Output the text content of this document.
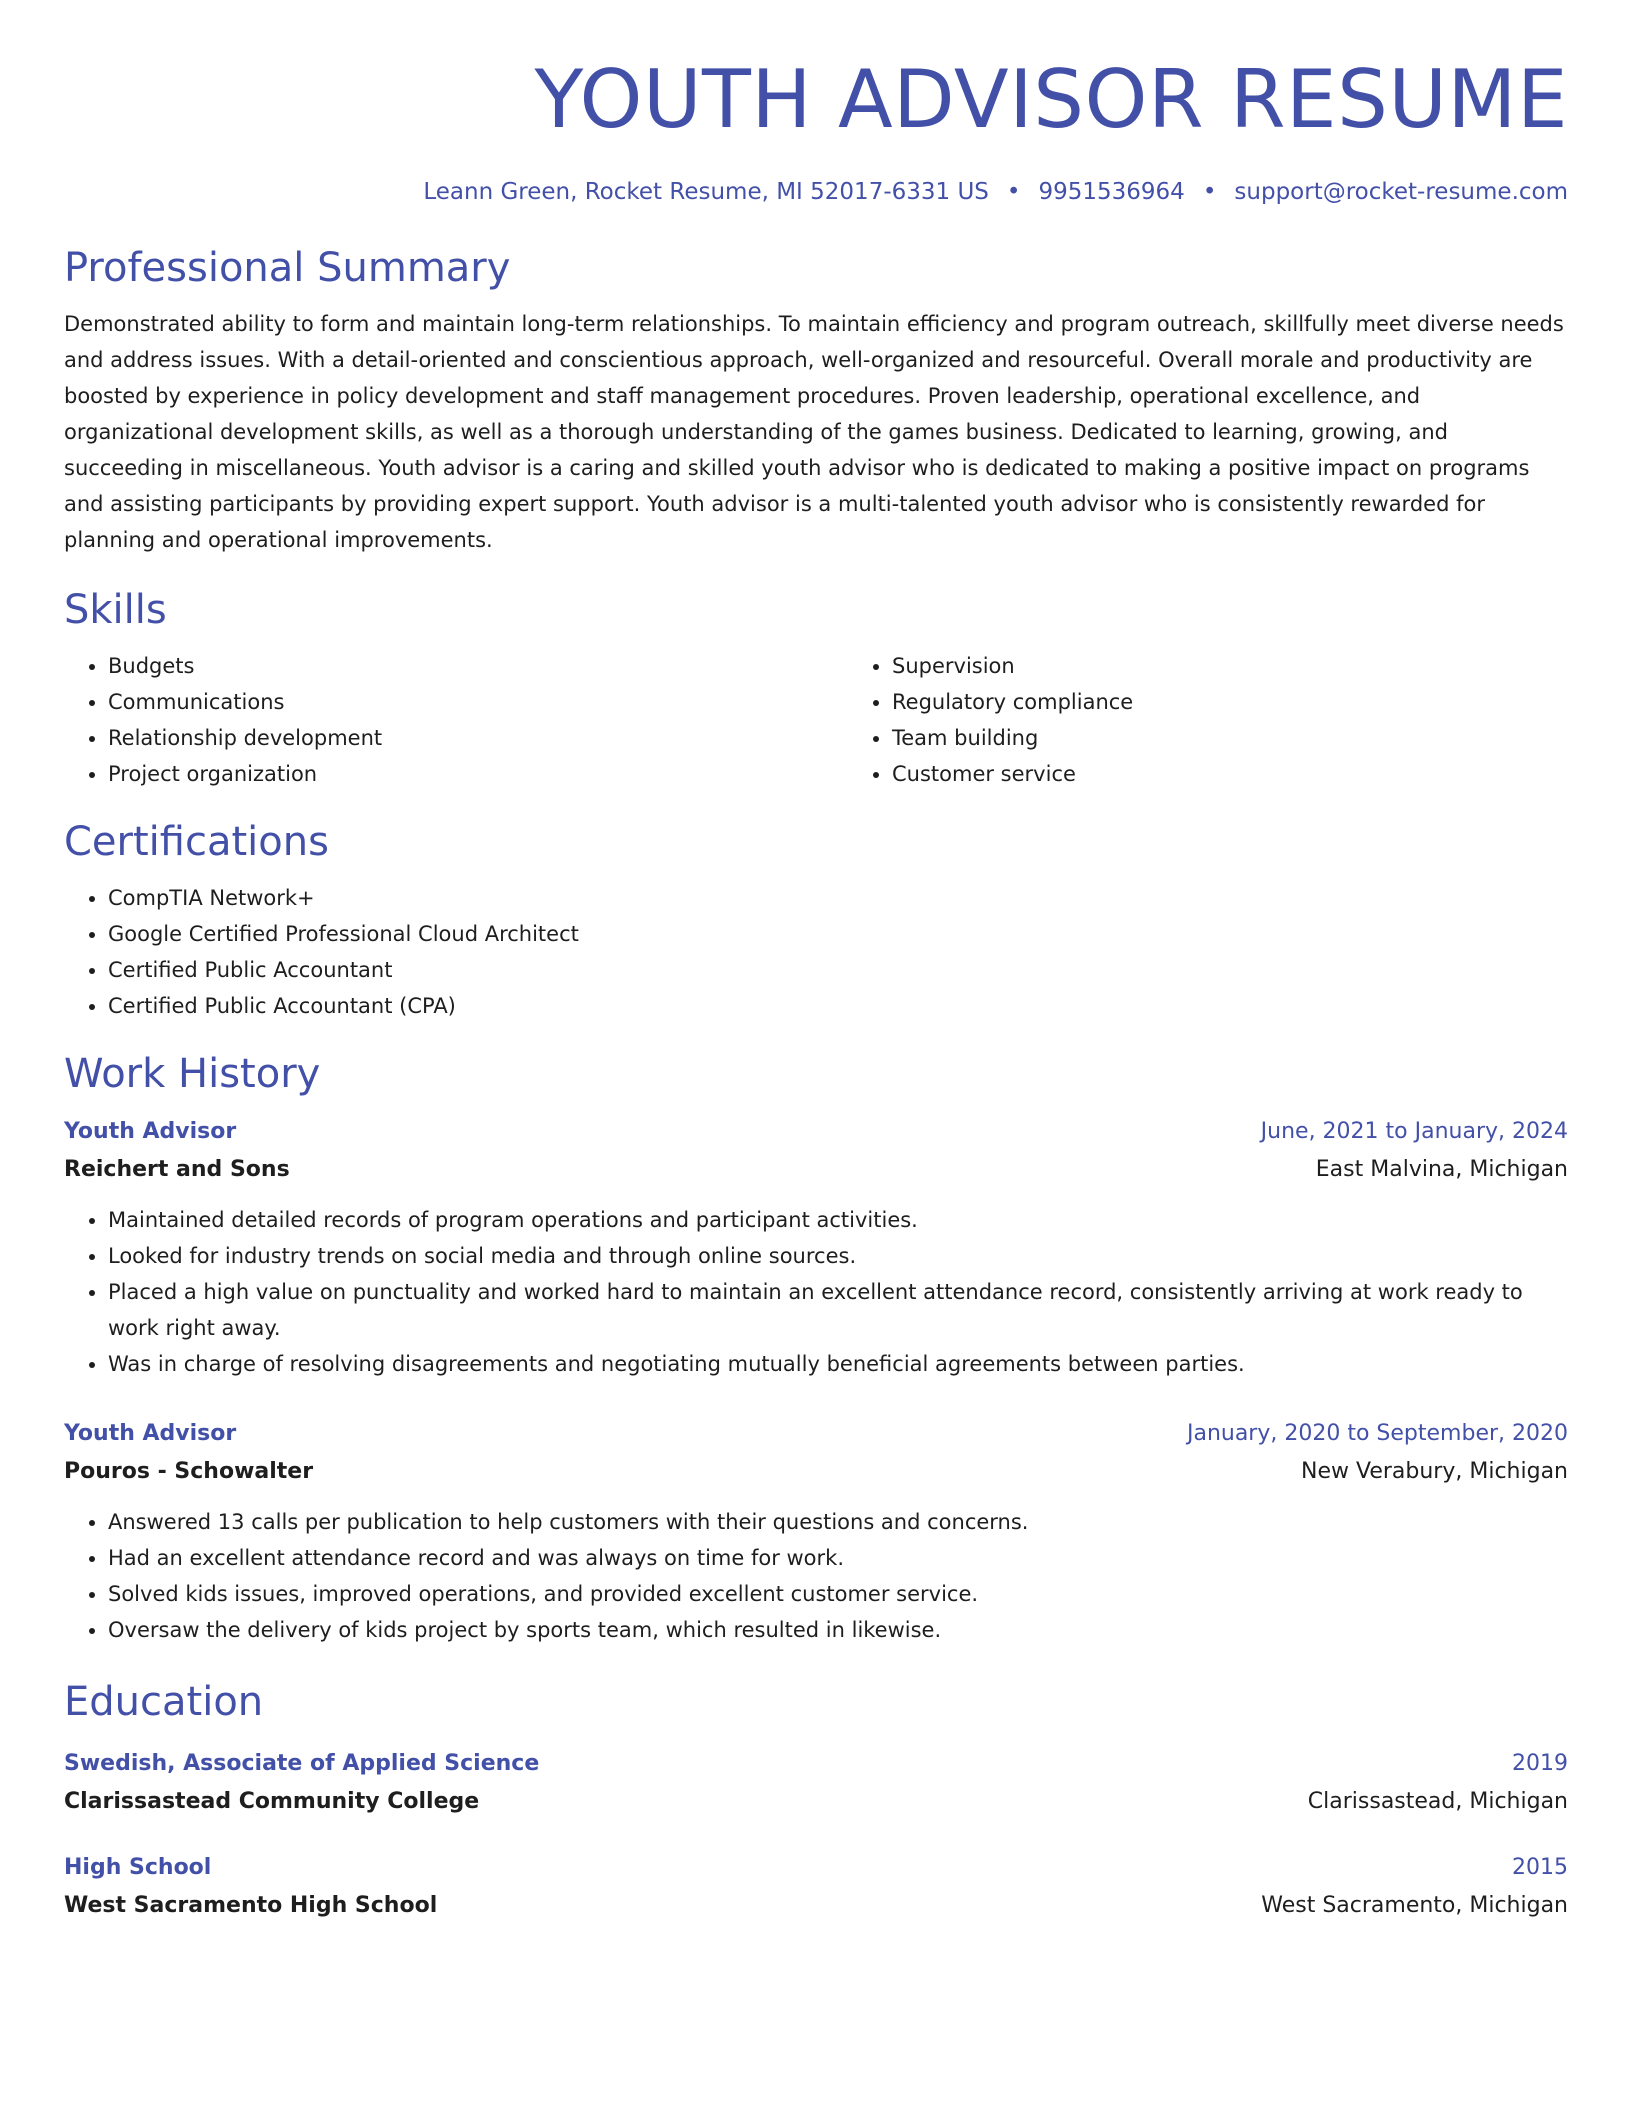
YOUTH ADVISOR RESUME
Leann Green, Rocket Resume, MI 52017-6331 US • 9951536964 • support@rocket-resume.com
Professional Summary

Demonstrated ability to form and maintain long-term relationships. To maintain efficiency and program outreach, skillfully meet diverse needs and address issues. With a detail-oriented and conscientious approach, well-organized and resourceful. Overall morale and productivity are boosted by experience in policy development and staff management procedures. Proven leadership, operational excellence, and organizational development skills, as well as a thorough understanding of the games business. Dedicated to learning, growing, and succeeding in miscellaneous. Youth advisor is a caring and skilled youth advisor who is dedicated to making a positive impact on programs and assisting participants by providing expert support. Youth advisor is a multi-talented youth advisor who is consistently rewarded for planning and operational improvements.

Skills
• Budgets
• Communications
• Relationship development
• Project organization
• Supervision
• Regulatory compliance
• Team building
• Customer service
Certifications
• CompTIA Network+
• Google Certified Professional Cloud Architect
• Certified Public Accountant
• Certified Public Accountant (CPA)
Work History
Youth Advisor	June, 2021 to January, 2024
Reichert and Sons	East Malvina, Michigan
• Maintained detailed records of program operations and participant activities.
• Looked for industry trends on social media and through online sources.
• Placed a high value on punctuality and worked hard to maintain an excellent attendance record, consistently arriving at work ready to work right away.
• Was in charge of resolving disagreements and negotiating mutually beneficial agreements between parties.
Youth Advisor	January, 2020 to September, 2020
Pouros - Schowalter	New Verabury, Michigan
• Answered 13 calls per publication to help customers with their questions and concerns.
• Had an excellent attendance record and was always on time for work.
• Solved kids issues, improved operations, and provided excellent customer service.
• Oversaw the delivery of kids project by sports team, which resulted in likewise.
Education
Swedish, Associate of Applied Science	2019
Clarissastead Community College	Clarissastead, Michigan
High School	2015
West Sacramento High School	West Sacramento, Michigan
